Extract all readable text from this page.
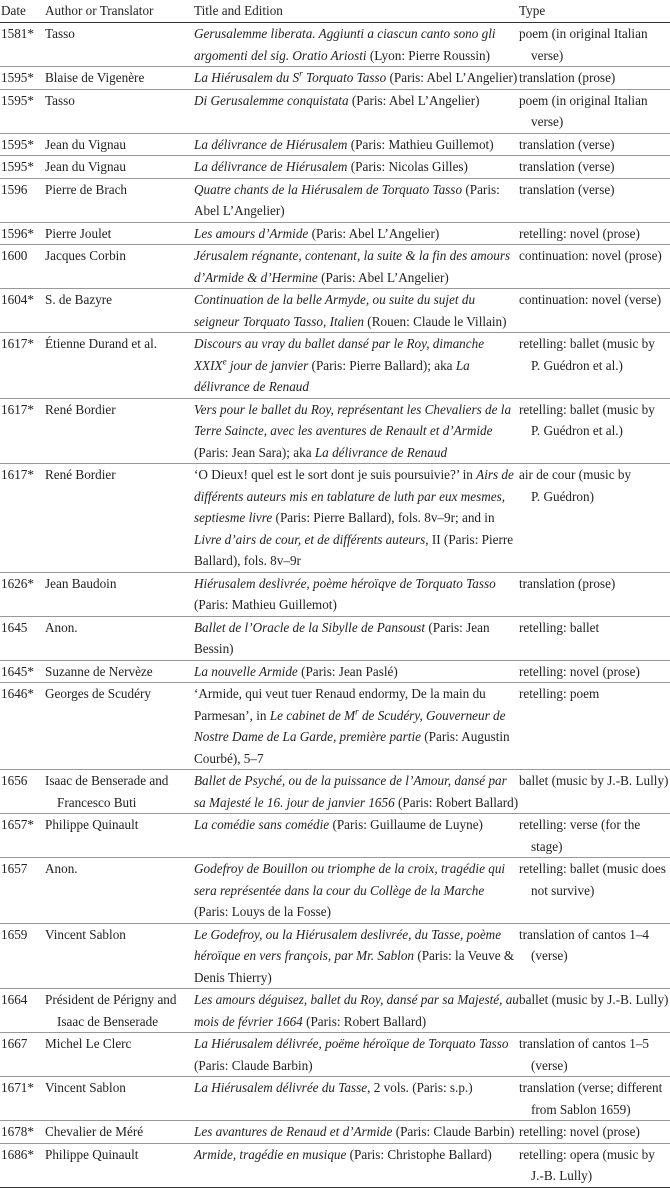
Date	Author or Translator	Title and Edition	Type
1581*	Tasso	Gerusalemme liberata. Aggiunti a ciascun canto sono gli argomenti del sig. Oratio Ariosti (Lyon: Pierre Roussin)	poem (in original Italian
verse)

1595*	Blaise de Vigenère	La Hiérusalem du $S^r$ Torquato Tasso (Paris: Abel L’Angelier)	translation (prose)

1595*	Tasso	Di Gerusalemme conquistata (Paris: Abel L’Angelier)	poem (in original Italian
verse)

1595*	Jean du Vignau	La délivrance de Hiérusalem (Paris: Mathieu Guillemot)	translation (verse)

1595*	Jean du Vignau	La délivrance de Hiérusalem (Paris: Nicolas Gilles)	translation (verse)

1596	Pierre de Brach	Quatre chants de la Hiérusalem de Torquato Tasso (Paris: Abel L’Angelier)	translation (verse)

1596*	Pierre Joulet	Les amours d’Armide (Paris: Abel L’Angelier)	retelling: novel (prose)

1600	Jacques Corbin	Jérusalem régnante, contenant, la suite & la fin des amours d’Armide & d’Hermine (Paris: Abel L’Angelier)	continuation: novel (prose)

1604*	S. de Bazyre	Continuation de la belle Armyde, ou suite du sujet du seigneur Torquato Tasso, Italien (Rouen: Claude le Villain)	continuation: novel (verse)

1617*	Étienne Durand et al.	Discours au vray du ballet dansé par le Roy, dimanche XXIXe jour de janvier (Paris: Pierre Ballard); aka La délivrance de Renaud	retelling: ballet (music by
P. Guédron et al.)

1617*	René Bordier	Vers pour le ballet du Roy, représentant les Chevaliers de la Terre Saincte, avec les aventures de Renault et d’Armide (Paris: Jean Sara); aka La délivrance de Renaud	retelling: ballet (music by
P. Guédron et al.)

1617*	René Bordier	‘O Dieux! quel est le sort dont je suis poursuivie?’ in Airs de différents auteurs mis en tablature de luth par eux mesmes, septiesme livre (Paris: Pierre Ballard), fols. 8v–9r; and in Livre d’airs de cour, et de différents auteurs, II (Paris: Pierre Ballard), fols. 8v–9r	air de cour (music by
P. Guédron)

1626*	Jean Baudoin	Hiérusalem deslivrée, poème héroïqve de Torquato Tasso (Paris: Mathieu Guillemot)	translation (prose)

1645	Anon.	Ballet de l’Oracle de la Sibylle de Pansoust (Paris: Jean Bessin)	retelling: ballet

1645*	Suzanne de Nervèze	La nouvelle Armide (Paris: Jean Paslé)	retelling: novel (prose)

1646*	Georges de Scudéry	‘Armide, qui veut tuer Renaud endormy, De la main du Parmesan’, in Le cabinet de $M^r$ de Scudéry, Gouverneur de Nostre Dame de La Garde, première partie (Paris: Augustin Courbé), 5–7	retelling: poem

1656	Isaac de Benserade and
Francesco Buti	Ballet de Psyché, ou de la puissance de l’Amour, dansé par sa Majesté le 16. jour de janvier 1656 (Paris: Robert Ballard)	ballet (music by J.-B. Lully)

1657*	Philippe Quinault	La comédie sans comédie (Paris: Guillaume de Luyne)	retelling: verse (for the
stage)

1657	Anon.	Godefroy de Bouillon ou triomphe de la croix, tragédie qui sera représentée dans la cour du Collège de la Marche (Paris: Louys de la Fosse)	retelling: ballet (music does
not survive)

1659	Vincent Sablon	Le Godefroy, ou la Hiérusalem deslivrée, du Tasse, poème héroïque en vers françois, par Mr. Sablon (Paris: la Veuve & Denis Thierry)	translation of cantos 1–4
(verse)

1664	Président de Périgny and
Isaac de Benserade	Les amours déguisez, ballet du Roy, dansé par sa Majesté, au mois de février 1664 (Paris: Robert Ballard)	ballet (music by J.-B. Lully)

1667	Michel Le Clerc	La Hiérusalem délivrée, poëme héroïque de Torquato Tasso (Paris: Claude Barbin)	translation of cantos 1–5
(verse)

1671*	Vincent Sablon	La Hiérusalem délivrée du Tasse, 2 vols. (Paris: s.p.)	translation (verse; different
from Sablon 1659)

1678*	Chevalier de Méré	Les avantures de Renaud et d’Armide (Paris: Claude Barbin)	retelling: novel (prose)

1686*	Philippe Quinault	Armide, tragédie en musique (Paris: Christophe Ballard)	retelling: opera (music by
J.-B. Lully)
